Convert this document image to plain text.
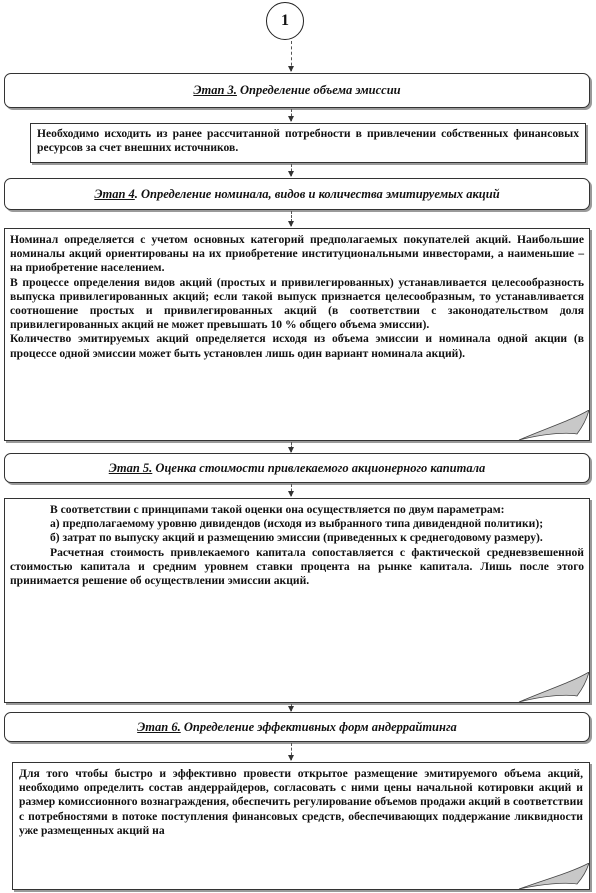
1
Этап 3. Определение объема эмиссии

Необходимо исходить из ранее рассчитанной потребности в привлечении собственных финансовых ресурсов за счет внешних источников.

Этап 4. Определение номинала, видов и количества эмитируемых акций

Номинал определяется с учетом основных категорий предполагаемых покупателей акций. Наибольшие номиналы акций ориентированы на их приобретение институциональными инвесторами, а наименьшие – на приобретение населением.

В процессе определения видов акций (простых и привилегированных) устанавливается целесообразность выпуска привилегированных акций; если такой выпуск признается целесообразным, то устанавливается соотношение простых и привилегированных акций (в соответствии с законодательством доля привилегированных акций не может превышать 10 % общего объема эмиссии).

Количество эмитируемых акций определяется исходя из объема эмиссии и номинала одной акции (в процессе одной эмиссии может быть установлен лишь один вариант номинала акций).

Этап 5. Оценка стоимости привлекаемого акционерного капитала

В соответствии с принципами такой оценки она осуществляется по двум параметрам:

а) предполагаемому уровню дивидендов (исходя из выбранного типа дивидендной политики);

б) затрат по выпуску акций и размещению эмиссии (приведенных к среднегодовому размеру).

Расчетная стоимость привлекаемого капитала сопоставляется с фактической средневзвешенной стоимостью капитала и средним уровнем ставки процента на рынке капитала. Лишь после этого принимается решение об осуществлении эмиссии акций.

Этап 6. Определение эффективных форм андеррайтинга

Для того чтобы быстро и эффективно провести открытое размещение эмитируемого объема акций, необходимо определить состав андеррайдеров, согласовать с ними цены начальной котировки акций и размер комиссионного вознаграждения, обеспечить регулирование объемов продажи акций в соответствии с потребностями в потоке поступления финансовых средств, обеспечивающих поддержание ликвидности уже размещенных акций на
